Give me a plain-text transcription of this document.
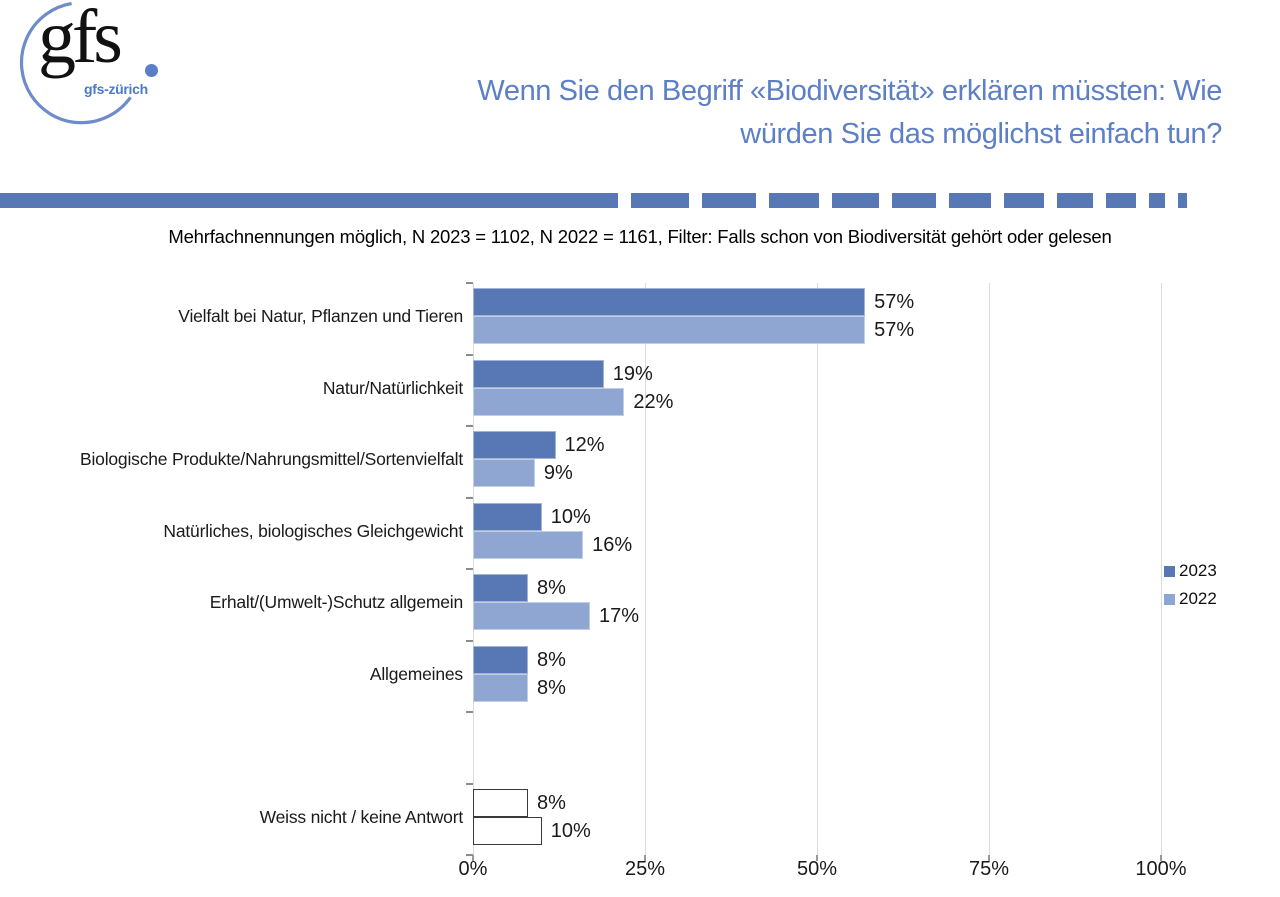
gfs
gfs-zürich	Wenn Sie den Begriff «Biodiversität» erklären müssten: Wie
würden Sie das möglichst einfach tun?
Mehrfachnennungen möglich, N 2023 = 1102, N 2022 = 1161, Filter: Falls schon von Biodiversität gehört oder gelesen
2023
2022
0%	25%	50%	75%	100%
Vielfalt bei Natur, Pflanzen und Tieren
57%
57%
Natur/Natürlichkeit
19%
22%
Biologische Produkte/Nahrungsmittel/Sortenvielfalt
12%
9%
Natürliches, biologisches Gleichgewicht
10%
16%
Erhalt/(Umwelt-)Schutz allgemein
8%
17%
Allgemeines
8%
8%
Weiss nicht / keine Antwort
8%
10%
